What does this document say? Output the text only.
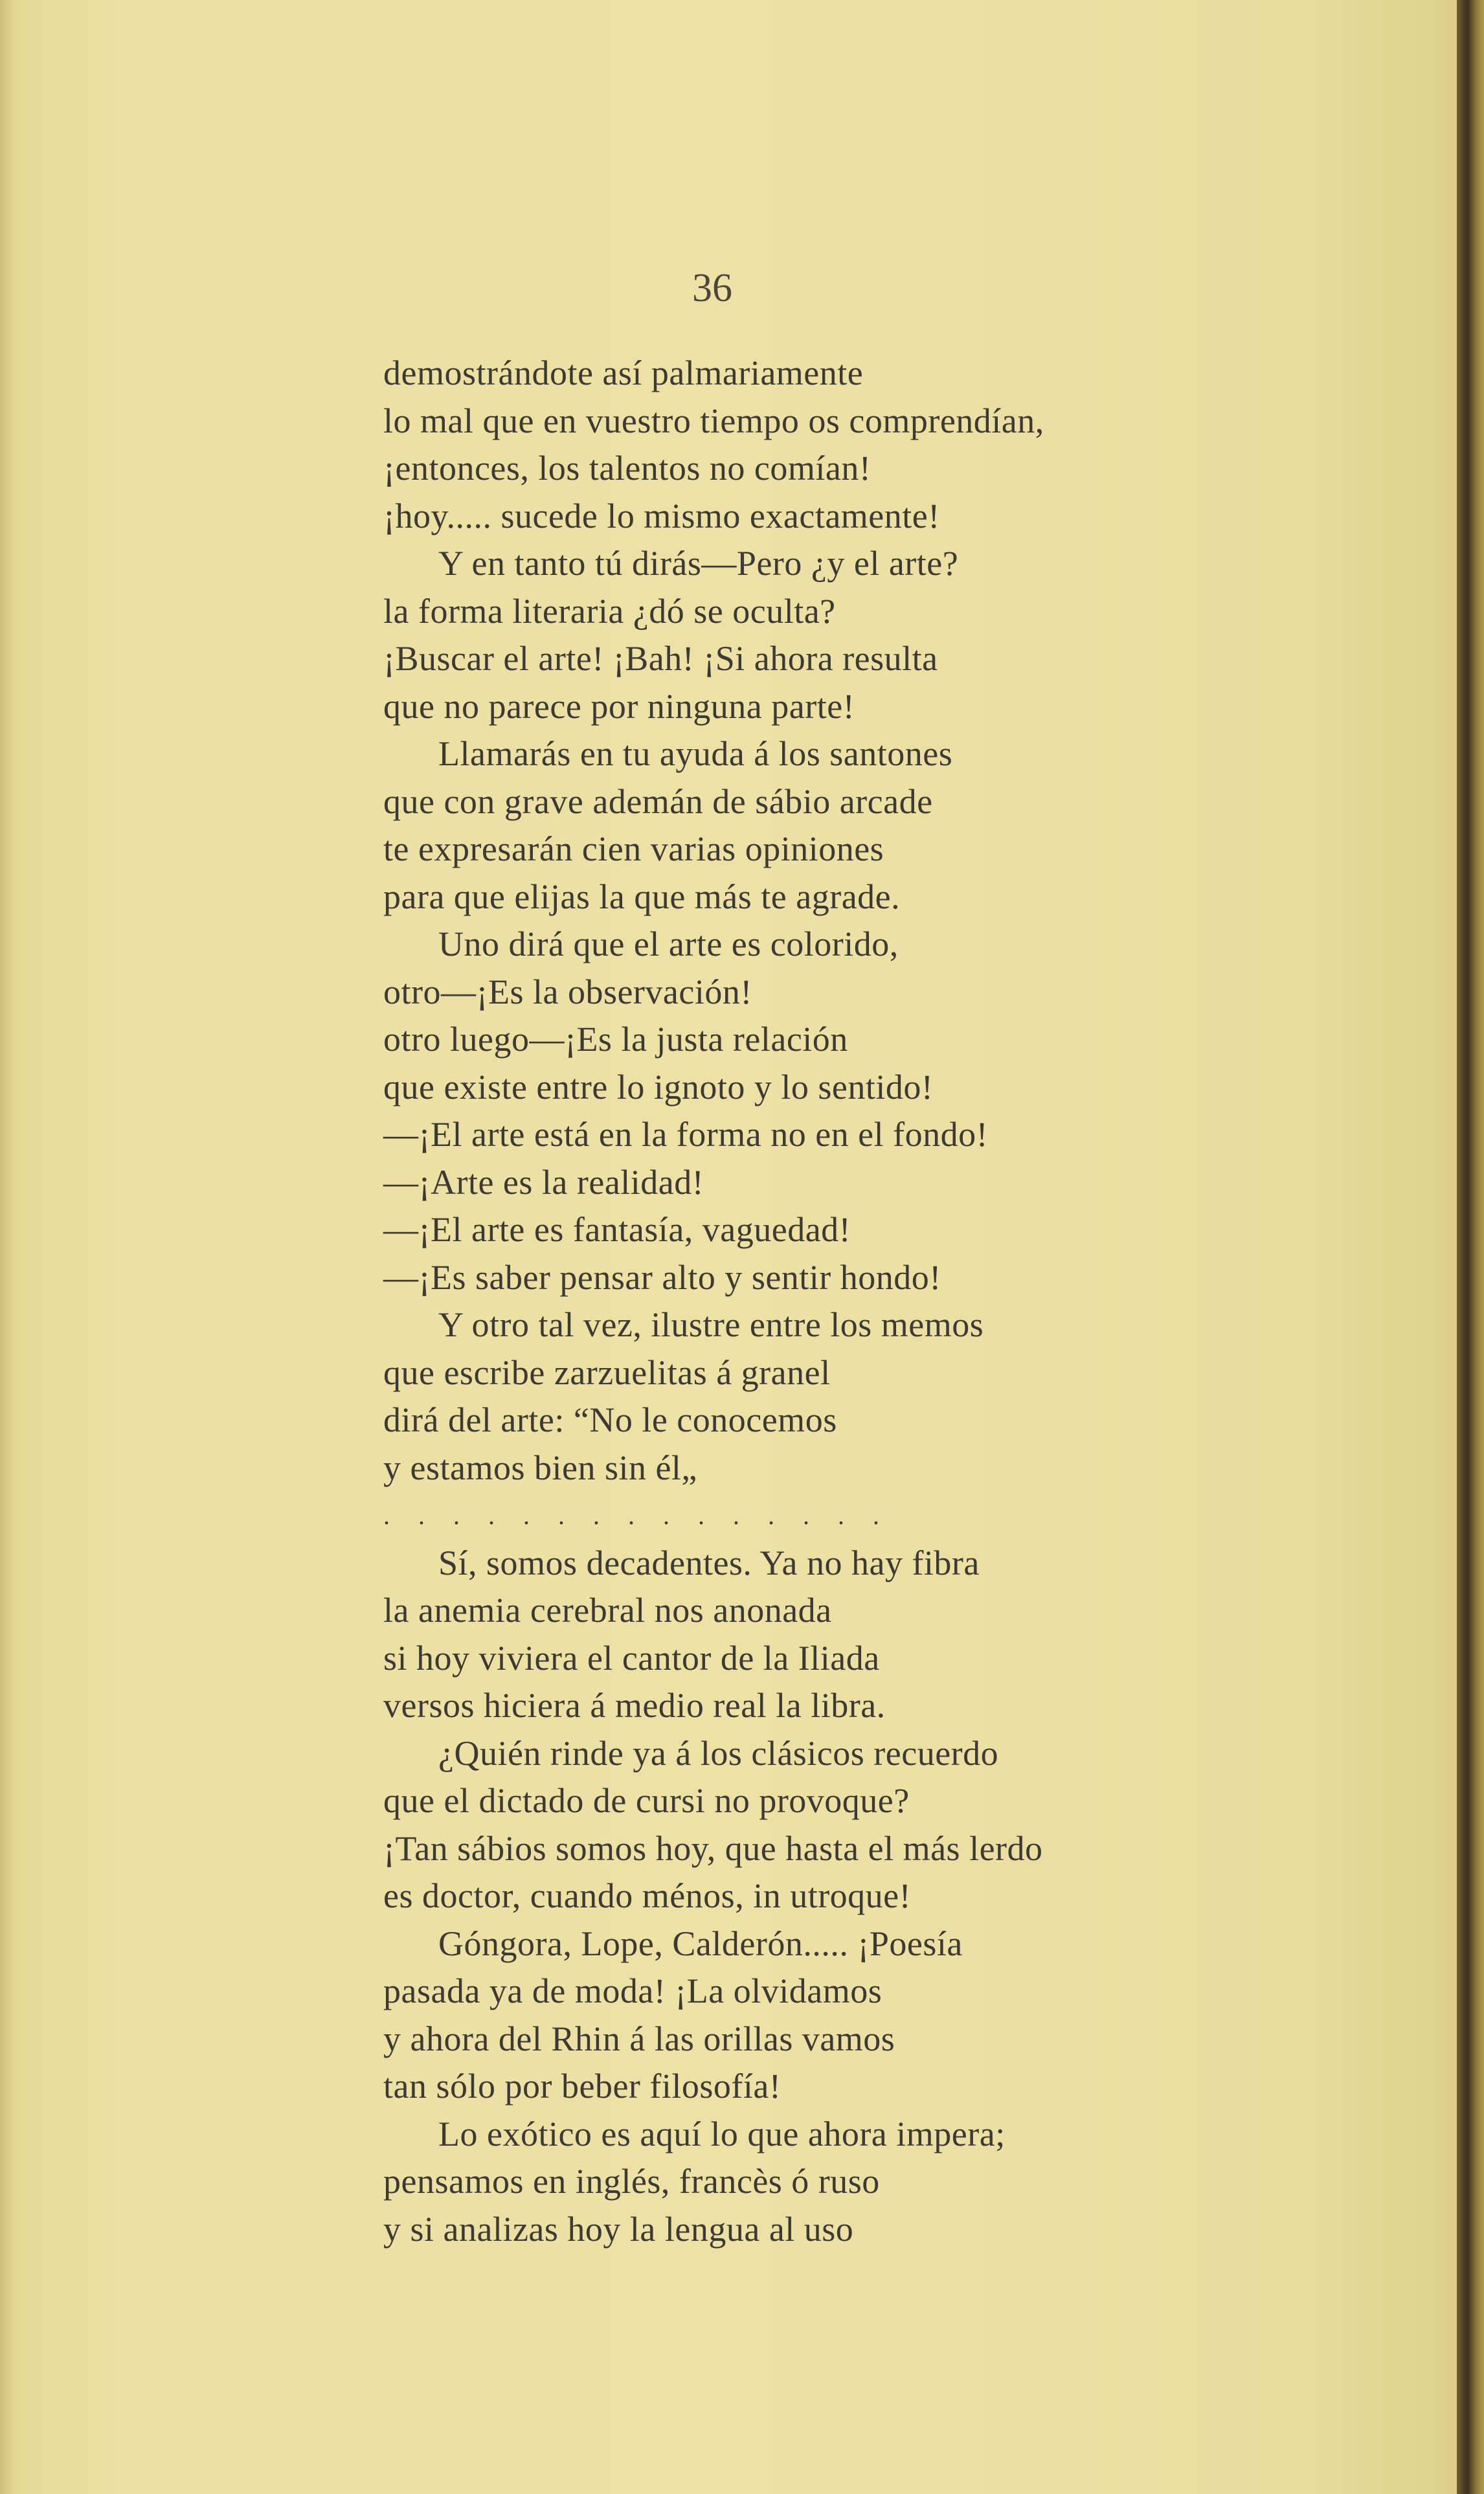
36
demostrándote así palmariamente
lo mal que en vuestro tiempo os comprendían,
¡entonces, los talentos no comían!
¡hoy..... sucede lo mismo exactamente!
Y en tanto tú dirás—Pero ¿y el arte?
la forma literaria ¿dó se oculta?
¡Buscar el arte! ¡Bah! ¡Si ahora resulta
que no parece por ninguna parte!
Llamarás en tu ayuda á los santones
que con grave ademán de sábio arcade
te expresarán cien varias opiniones
para que elijas la que más te agrade.
Uno dirá que el arte es colorido,
otro—¡Es la observación!
otro luego—¡Es la justa relación
que existe entre lo ignoto y lo sentido!
—¡El arte está en la forma no en el fondo!
—¡Arte es la realidad!
—¡El arte es fantasía, vaguedad!
—¡Es saber pensar alto y sentir hondo!
Y otro tal vez, ilustre entre los memos
que escribe zarzuelitas á granel
dirá del arte: “No le conocemos
y estamos bien sin él„
...............
Sí, somos decadentes. Ya no hay fibra
la anemia cerebral nos anonada
si hoy viviera el cantor de la Iliada
versos hiciera á medio real la libra.
¿Quién rinde ya á los clásicos recuerdo
que el dictado de cursi no provoque?
¡Tan sábios somos hoy, que hasta el más lerdo
es doctor, cuando ménos, in utroque!
Góngora, Lope, Calderón..... ¡Poesía
pasada ya de moda! ¡La olvidamos
y ahora del Rhin á las orillas vamos
tan sólo por beber filosofía!
Lo exótico es aquí lo que ahora impera;
pensamos en inglés, francès ó ruso
y si analizas hoy la lengua al uso
